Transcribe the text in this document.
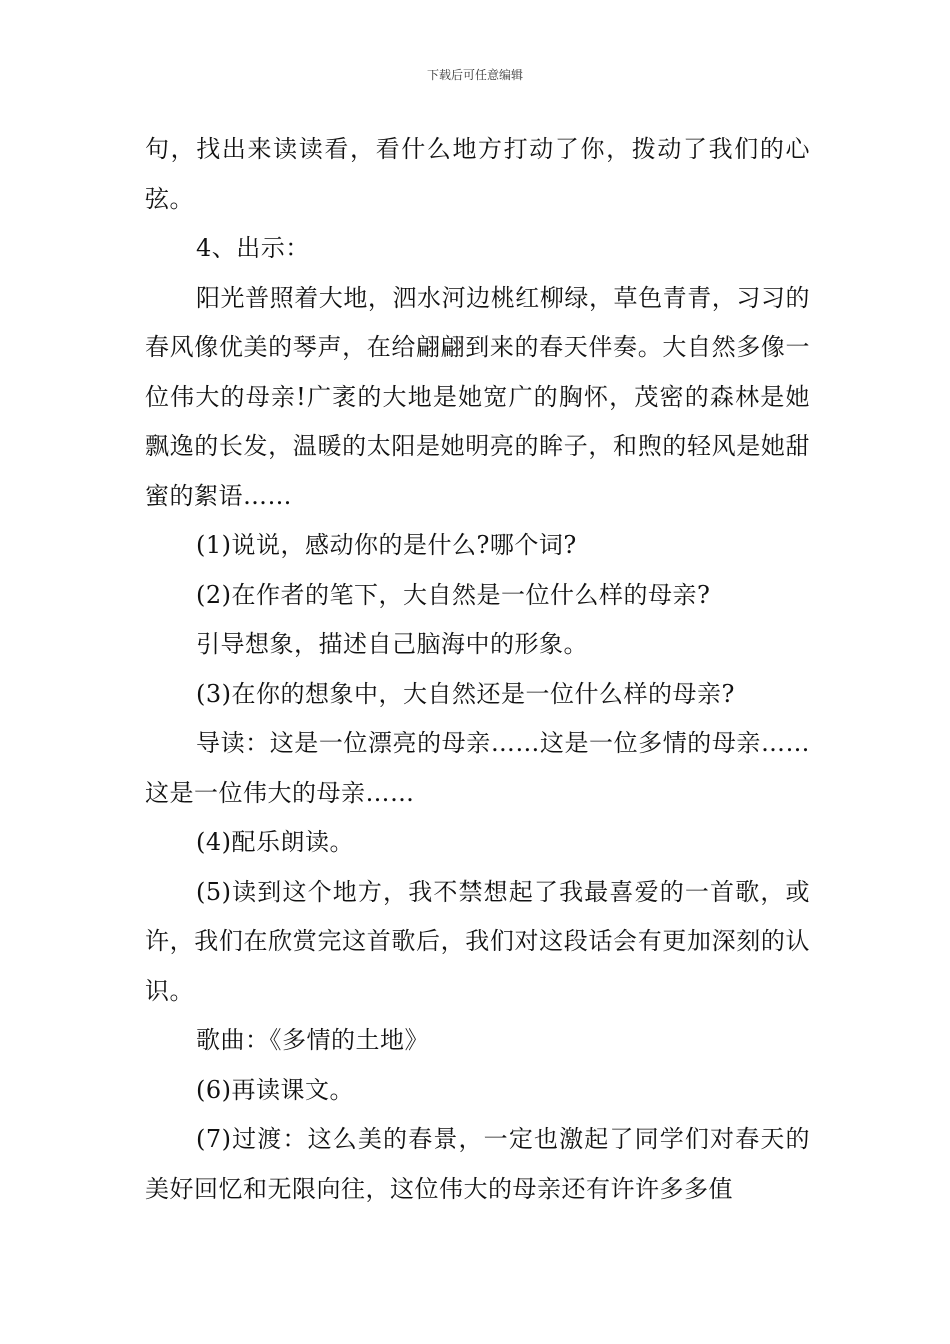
下载后可任意编辑

句，找出来读读看，看什么地方打动了你，拨动了我们的心弦。

4、出示：

阳光普照着大地，泗水河边桃红柳绿，草色青青，习习的春风像优美的琴声，在给翩翩到来的春天伴奏。大自然多像一位伟大的母亲!广袤的大地是她宽广的胸怀，茂密的森林是她飘逸的长发，温暖的太阳是她明亮的眸子，和煦的轻风是她甜蜜的絮语……

(1)说说，感动你的是什么?哪个词?

(2)在作者的笔下，大自然是一位什么样的母亲?

引导想象，描述自己脑海中的形象。

(3)在你的想象中，大自然还是一位什么样的母亲?

导读：这是一位漂亮的母亲……这是一位多情的母亲……这是一位伟大的母亲……

(4)配乐朗读。

(5)读到这个地方，我不禁想起了我最喜爱的一首歌，或许，我们在欣赏完这首歌后，我们对这段话会有更加深刻的认识。

歌曲：《多情的土地》

(6)再读课文。

(7)过渡：这么美的春景，一定也激起了同学们对春天的美好回忆和无限向往，这位伟大的母亲还有许许多多值
